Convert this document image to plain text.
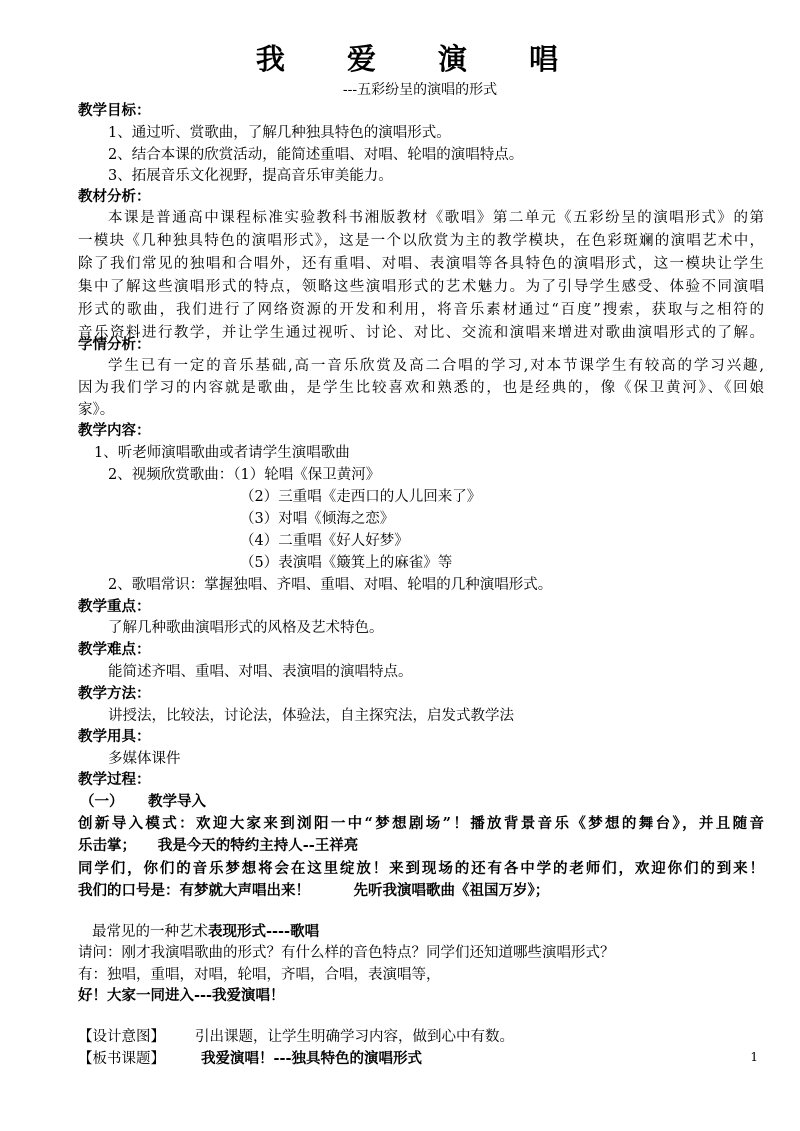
我 爱 演 唱
---五彩纷呈的演唱的形式
教学目标：
1、通过听、赏歌曲，了解几种独具特色的演唱形式。
2、结合本课的欣赏活动，能简述重唱、对唱、轮唱的演唱特点。
3、拓展音乐文化视野，提高音乐审美能力。
教材分析：
本课是普通高中课程标准实验教科书湘版教材《歌唱》第二单元《五彩纷呈的演唱形式》的第
一模块《几种独具特色的演唱形式》，这是一个以欣赏为主的教学模块，在色彩斑斓的演唱艺术中，
除了我们常见的独唱和合唱外，还有重唱、对唱、表演唱等各具特色的演唱形式，这一模块让学生
集中了解这些演唱形式的特点，领略这些演唱形式的艺术魅力。为了引导学生感受、体验不同演唱
形式的歌曲，我们进行了网络资源的开发和利用，将音乐素材通过“百度”搜索，获取与之相符的
音乐资料进行教学，并让学生通过视听、讨论、对比、交流和演唱来增进对歌曲演唱形式的了解。
学情分析：
学生已有一定的音乐基础,高一音乐欣赏及高二合唱的学习,对本节课学生有较高的学习兴趣,
因为我们学习的内容就是歌曲，是学生比较喜欢和熟悉的，也是经典的，像《保卫黄河》、《回娘
家》。
教学内容：
1、听老师演唱歌曲或者请学生演唱歌曲
2、视频欣赏歌曲：（1）轮唱《保卫黄河》
（2）三重唱《走西口的人儿回来了》
（3）对唱《倾海之恋》
（4）二重唱《好人好梦》
（5）表演唱《簸箕上的麻雀》等
2、歌唱常识：掌握独唱、齐唱、重唱、对唱、轮唱的几种演唱形式。
教学重点：
了解几种歌曲演唱形式的风格及艺术特色。
教学难点：
能简述齐唱、重唱、对唱、表演唱的演唱特点。
教学方法：
讲授法，比较法，讨论法，体验法，自主探究法，启发式教学法
教学用具：
多媒体课件
教学过程：
（一） 教学导入
创新导入模式：欢迎大家来到浏阳一中“梦想剧场”！播放背景音乐《梦想的舞台》，并且随音
乐击掌；　　我是今天的特约主持人--王祥亮
同学们，你们的音乐梦想将会在这里绽放！来到现场的还有各中学的老师们，欢迎你们的到来！
我们的口号是：有梦就大声唱出来！　　　先听我演唱歌曲《祖国万岁》；
最常见的一种艺术表现形式----歌唱
请问：刚才我演唱歌曲的形式？有什么样的音色特点？同学们还知道哪些演唱形式？
有：独唱，重唱，对唱，轮唱，齐唱，合唱，表演唱等，
好！大家一同进入---我爱演唱！
【设计意图】 引出课题，让学生明确学习内容，做到心中有数。
【板书课题】 我爱演唱！---独具特色的演唱形式	1
